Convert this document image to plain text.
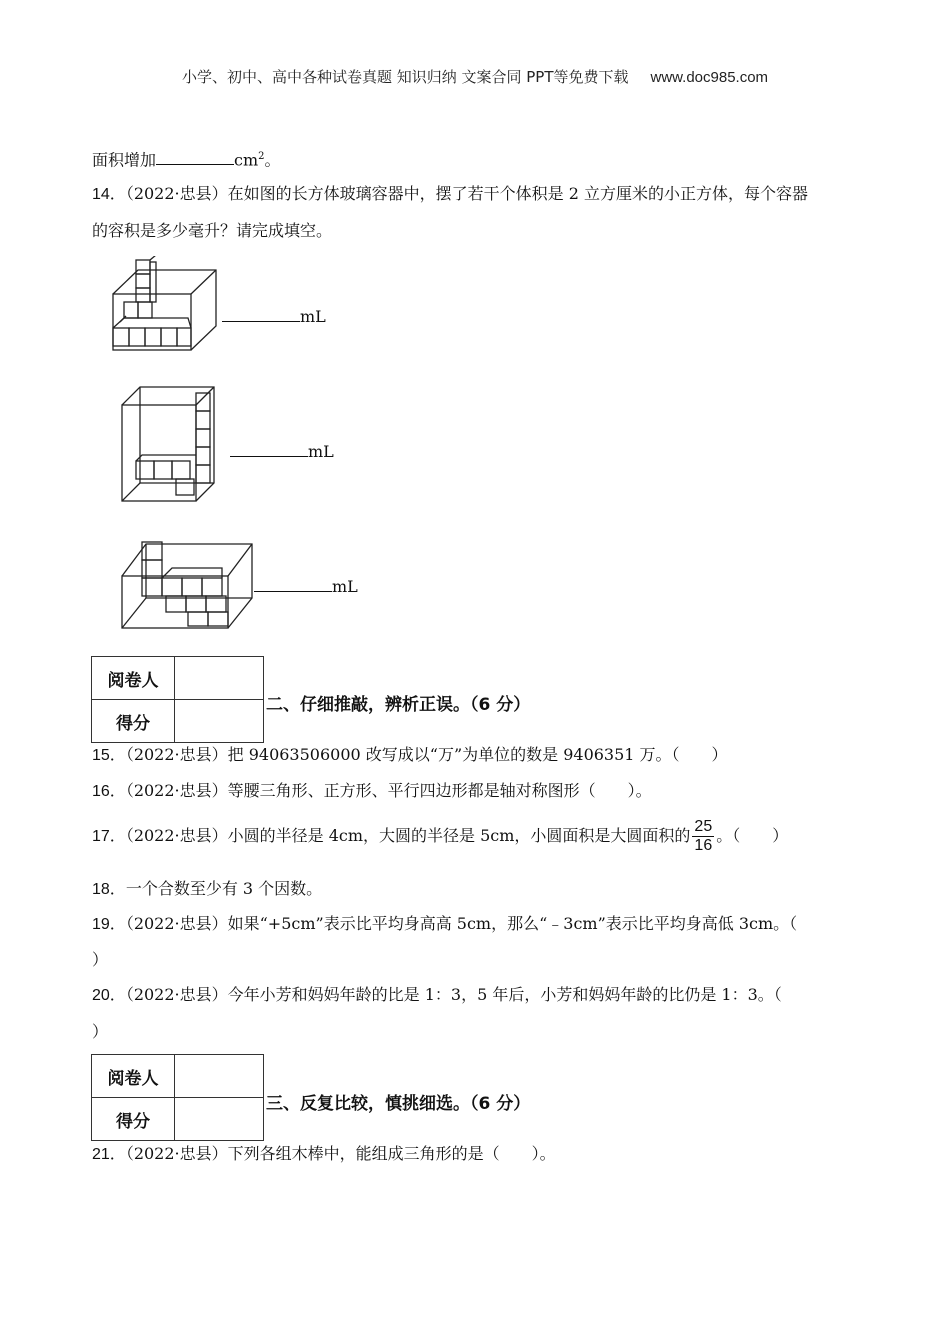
小学、初中、高中各种试卷真题 知识归纳 文案合同 PPT等免费下载 www.doc985.com
面积增加	$cm^2$。
14．（2022·忠县）在如图的长方体玻璃容器中，摆了若干个体积是 2 立方厘米的小正方体，每个容器
的容积是多少毫升？请完成填空。
mL
mL
mL
阅卷人	
得分	
二、仔细推敲，辨析正误。（6 分）
15．（2022·忠县）把 94063506000 改写成以“万”为单位的数是 9406351 万。（　　）
16．（2022·忠县）等腰三角形、正方形、平行四边形都是轴对称图形（　　）。
17．（2022·忠县）小圆的半径是 4cm，大圆的半径是 5cm，小圆面积是大圆面积的 $\frac{25}{16}$ 。（　　）
18．一个合数至少有 3 个因数。
19．（2022·忠县）如果“+5cm”表示比平均身高高 5cm，那么“﹣3cm”表示比平均身高低 3cm。（
）
20．（2022·忠县）今年小芳和妈妈年龄的比是 1：3，5 年后，小芳和妈妈年龄的比仍是 1：3。（
）
阅卷人	
得分	
三、反复比较，慎挑细选。（6 分）
21．（2022·忠县）下列各组木棒中，能组成三角形的是（　　）。
